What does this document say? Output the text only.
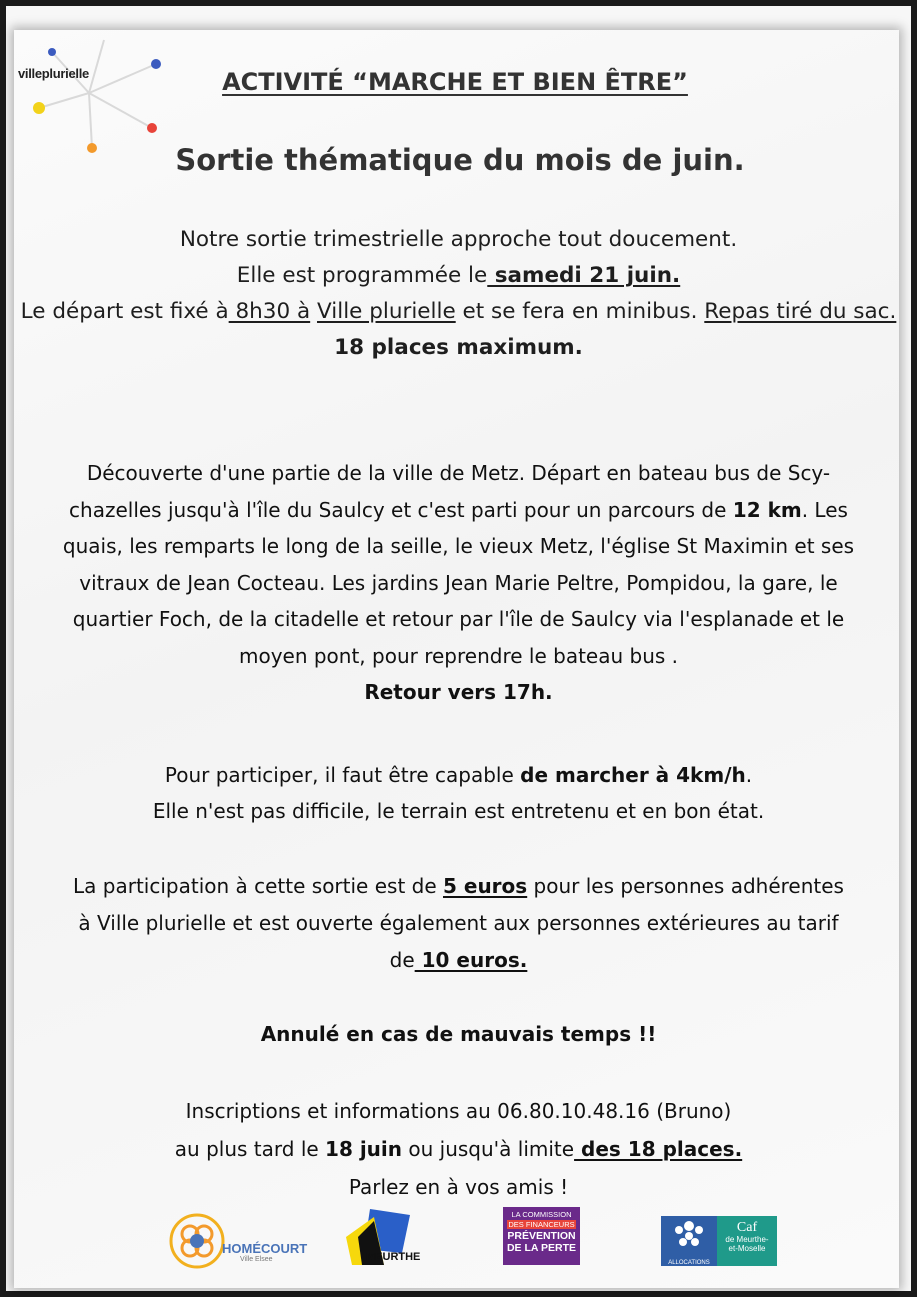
villeplurielle	ACTIVITÉ “MARCHE ET BIEN ÊTRE”
Sortie thématique du mois de juin.
Notre sortie trimestrielle approche tout doucement.
Elle est programmée le samedi 21 juin.
Le départ est fixé à 8h30 à Ville plurielle et se fera en minibus. Repas tiré du sac.
18 places maximum.
Découverte d'une partie de la ville de Metz. Départ en bateau bus de Scy-chazelles jusqu'à l'île du Saulcy et c'est parti pour un parcours de 12 km. Les quais, les remparts le long de la seille, le vieux Metz, l'église St Maximin et ses vitraux de Jean Cocteau. Les jardins Jean Marie Peltre, Pompidou, la gare, le quartier Foch, de la citadelle et retour par l'île de Saulcy via l'esplanade et le moyen pont, pour reprendre le bateau bus .
Retour vers 17h.
Pour participer, il faut être capable de marcher à 4km/h.
Elle n'est pas difficile, le terrain est entretenu et en bon état.
La participation à cette sortie est de 5 euros pour les personnes adhérentes à Ville plurielle et est ouverte également aux personnes extérieures au tarif de 10 euros.
Annulé en cas de mauvais temps !!
Inscriptions et informations au 06.80.10.48.16 (Bruno)
au plus tard le 18 juin ou jusqu'à limite des 18 places.
Parlez en à vos amis !
HOMÉCOURT
Ville Elsee	MEURTHE
LA COMMISSION
DES FINANCEURS
PRÉVENTION
DE LA PERTE
ALLOCATIONS
Caf
de Meurthe-
et-Moselle
